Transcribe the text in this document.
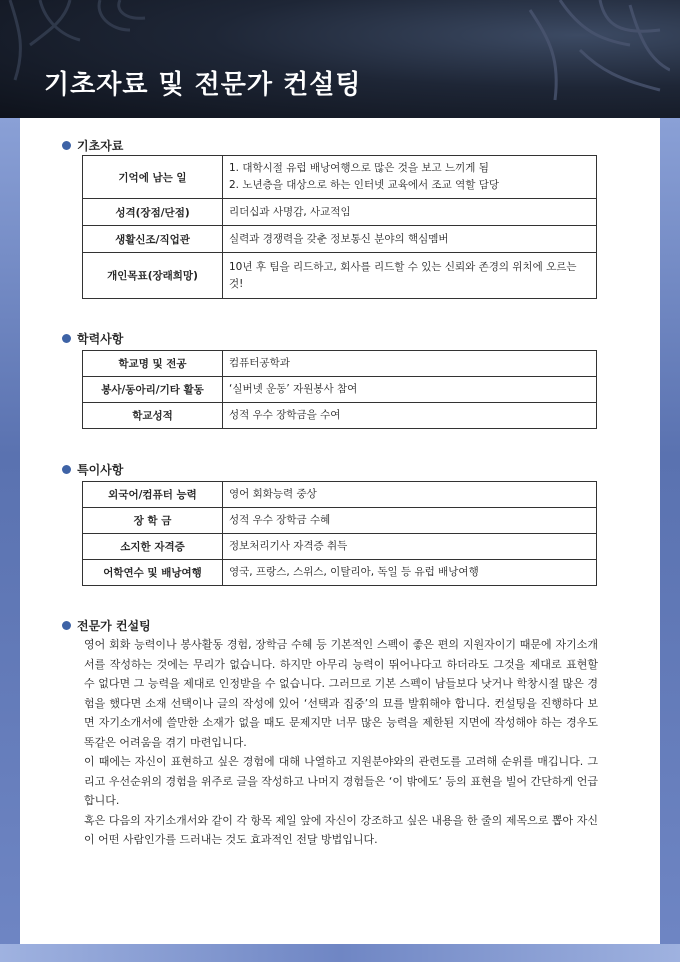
기초자료 및 전문가 컨설팅
기초자료
기억에 남는 일	1. 대학시절 유럽 배낭여행으로 많은 것을 보고 느끼게 됨
2. 노년층을 대상으로 하는 인터넷 교육에서 조교 역할 담당

성격(장점/단점)	리더십과 사명감, 사교적임
생활신조/직업관	실력과 경쟁력을 갖춘 정보통신 분야의 핵심멤버
개인목표(장래희망)	10년 후 팀을 리드하고, 회사를 리드할 수 있는 신뢰와 존경의 위치에 오르는 것!
학력사항
학교명 및 전공	컴퓨터공학과
봉사/동아리/기타 활동	‘실버넷 운동’ 자원봉사 참여
학교성적	성적 우수 장학금을 수여
특이사항
외국어/컴퓨터 능력	영어 회화능력 중상
장 학 금	성적 우수 장학금 수혜
소지한 자격증	정보처리기사 자격증 취득
어학연수 및 배낭여행	영국, 프랑스, 스위스, 이탈리아, 독일 등 유럽 배낭여행
전문가 컨설팅

영어 회화 능력이나 봉사활동 경험, 장학금 수혜 등 기본적인 스펙이 좋은 편의 지원자이기 때문에 자기소개서를 작성하는 것에는 무리가 없습니다. 하지만 아무리 능력이 뛰어나다고 하더라도 그것을 제대로 표현할 수 없다면 그 능력을 제대로 인정받을 수 없습니다. 그러므로 기본 스펙이 남들보다 낫거나 학창시절 많은 경험을 했다면 소재 선택이나 글의 작성에 있어 ‘선택과 집중’의 묘를 발휘해야 합니다. 컨설팅을 진행하다 보면 자기소개서에 쓸만한 소재가 없을 때도 문제지만 너무 많은 능력을 제한된 지면에 작성해야 하는 경우도 똑같은 어려움을 겪기 마련입니다.

이 때에는 자신이 표현하고 싶은 경험에 대해 나열하고 지원분야와의 관련도를 고려해 순위를 매깁니다. 그리고 우선순위의 경험을 위주로 글을 작성하고 나머지 경험들은 ‘이 밖에도’ 등의 표현을 빌어 간단하게 언급합니다.

혹은 다음의 자기소개서와 같이 각 항목 제일 앞에 자신이 강조하고 싶은 내용을 한 줄의 제목으로 뽑아 자신이 어떤 사람인가를 드러내는 것도 효과적인 전달 방법입니다.
